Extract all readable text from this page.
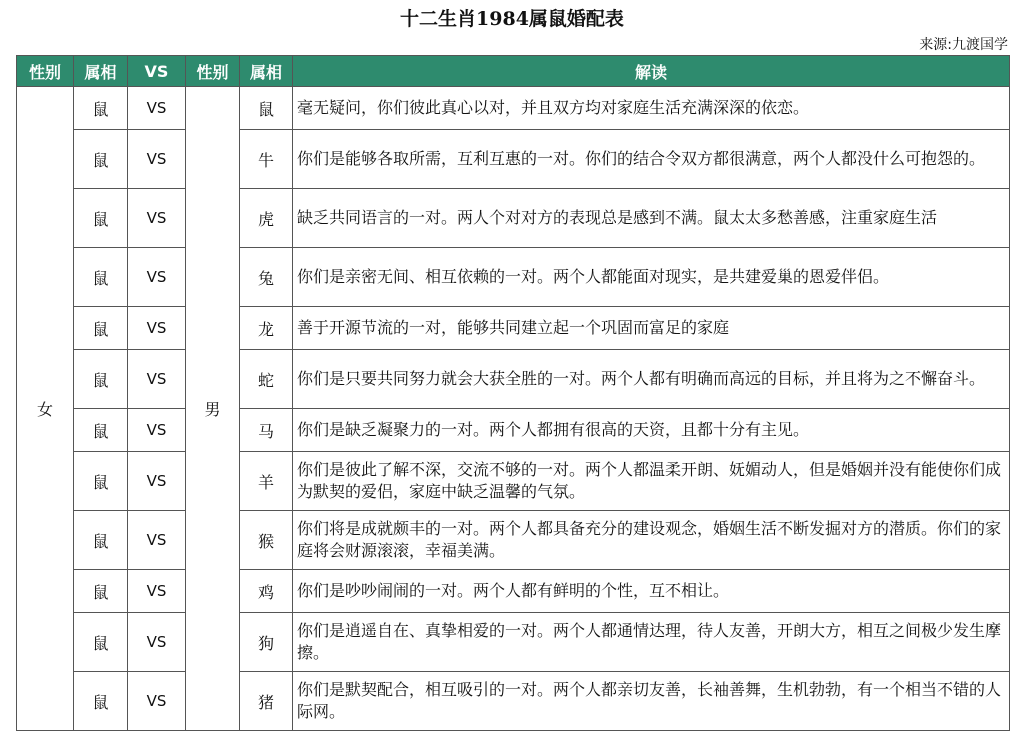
十二生肖1984属鼠婚配表
来源:九渡国学
性别	属相	VS	性别	属相	解读
女	鼠	VS	男	鼠	毫无疑问，你们彼此真心以对，并且双方均对家庭生活充满深深的依恋。
	鼠	VS		牛	你们是能够各取所需，互利互惠的一对。你们的结合令双方都很满意，两个人都没什么可抱怨的。
	鼠	VS		虎	缺乏共同语言的一对。两人个对对方的表现总是感到不满。鼠太太多愁善感，注重家庭生活
	鼠	VS		兔	你们是亲密无间、相互依赖的一对。两个人都能面对现实，是共建爱巢的恩爱伴侣。
	鼠	VS		龙	善于开源节流的一对，能够共同建立起一个巩固而富足的家庭
	鼠	VS		蛇	你们是只要共同努力就会大获全胜的一对。两个人都有明确而高远的目标，并且将为之不懈奋斗。
	鼠	VS		马	你们是缺乏凝聚力的一对。两个人都拥有很高的天资，且都十分有主见。
	鼠	VS		羊	你们是彼此了解不深，交流不够的一对。两个人都温柔开朗、妩媚动人，但是婚姻并没有能使你们成为默契的爱侣，家庭中缺乏温馨的气氛。
	鼠	VS		猴	你们将是成就颇丰的一对。两个人都具备充分的建设观念，婚姻生活不断发掘对方的潜质。你们的家庭将会财源滚滚，幸福美满。
	鼠	VS		鸡	你们是吵吵闹闹的一对。两个人都有鲜明的个性，互不相让。
	鼠	VS		狗	你们是逍遥自在、真挚相爱的一对。两个人都通情达理，待人友善，开朗大方，相互之间极少发生摩擦。
	鼠	VS		猪	你们是默契配合，相互吸引的一对。两个人都亲切友善，长袖善舞，生机勃勃，有一个相当不错的人际网。
